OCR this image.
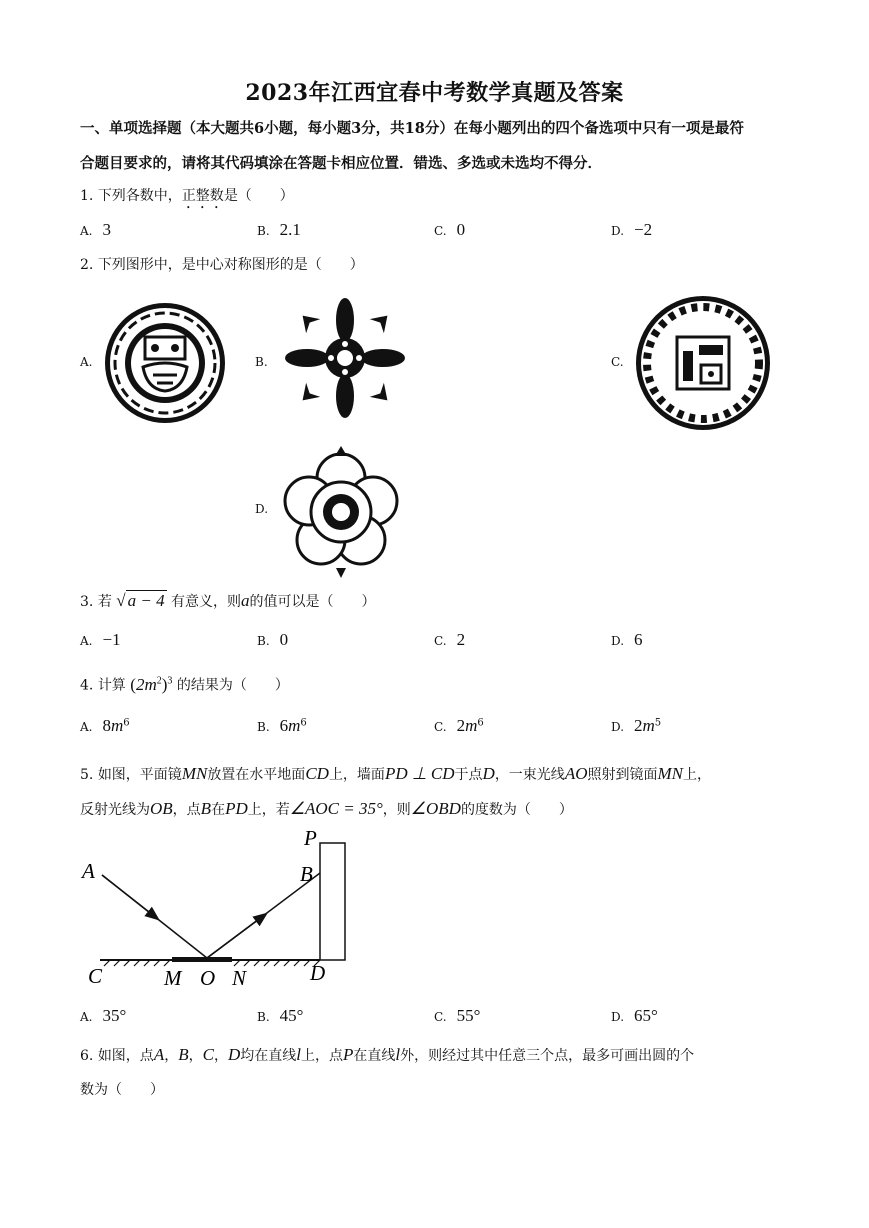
2023年江西宜春中考数学真题及答案
一、单项选择题（本大题共6小题，每小题3分，共18分）在每小题列出的四个备选项中只有一项是最符
合题目要求的，请将其代码填涂在答题卡相应位置．错选、多选或未选均不得分．
1. 下列各数中，正整数是（　　）
A. 3	B. 2.1	C. 0	D. −2
2. 下列图形中，是中心对称图形的是（　　）
A.	B.	C.
D.
3. 若 √ a − 4 有意义，则a的值可以是（　　）
A. −1	B. 0	C. 2	D. 6
4. 计算 $(2m^2)^3$ 的结果为（　　）
A. $8m^6$	B. $6m^6$	C. $2m^6$	D. $2m^5$
5. 如图，平面镜MN放置在水平地面CD上，墙面PD ⊥ CD于点D，一束光线AO照射到镜面MN上，
反射光线为OB，点B在PD上，若∠AOC = 35°，则∠OBD的度数为（　　）
A	B
P
C	M O N	D
A. 35°	B. 45°	C. 55°	D. 65°
6. 如图，点A，B，C，D均在直线l上，点P在直线l外，则经过其中任意三个点，最多可画出圆的个
数为（　　）
